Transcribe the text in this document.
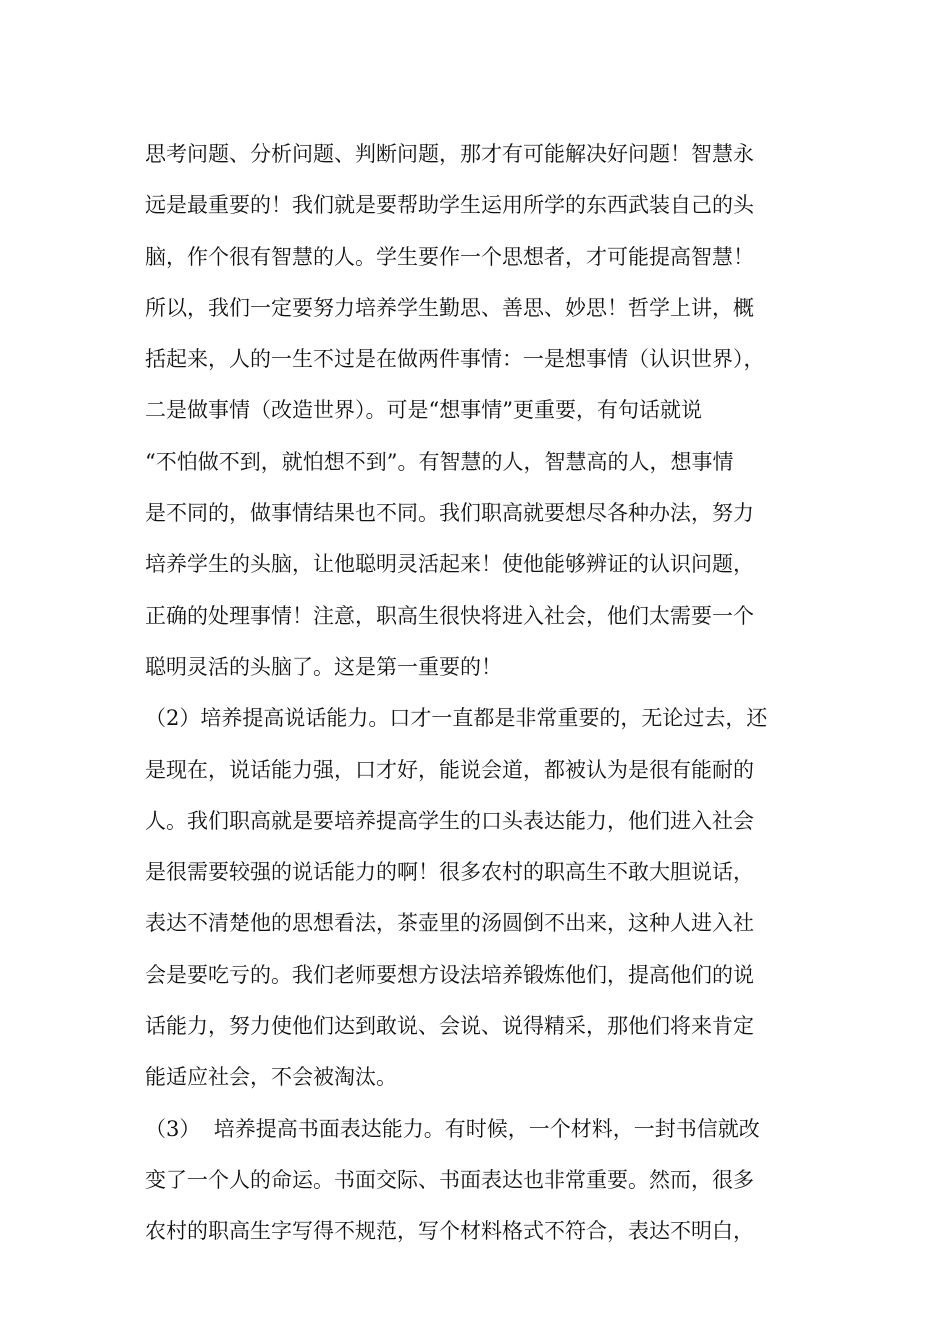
思考问题、分析问题、判断问题，那才有可能解决好问题！智慧永
远是最重要的！我们就是要帮助学生运用所学的东西武装自己的头
脑，作个很有智慧的人。学生要作一个思想者，才可能提高智慧！
所以，我们一定要努力培养学生勤思、善思、妙思！哲学上讲，概
括起来，人的一生不过是在做两件事情：一是想事情（认识世界），
二是做事情（改造世界）。可是“想事情”更重要，有句话就说
“不怕做不到，就怕想不到”。有智慧的人，智慧高的人，想事情
是不同的，做事情结果也不同。我们职高就要想尽各种办法，努力
培养学生的头脑，让他聪明灵活起来！使他能够辨证的认识问题，
正确的处理事情！注意，职高生很快将进入社会，他们太需要一个
聪明灵活的头脑了。这是第一重要的！
（2）培养提高说话能力。口才一直都是非常重要的，无论过去，还
是现在，说话能力强，口才好，能说会道，都被认为是很有能耐的
人。我们职高就是要培养提高学生的口头表达能力，他们进入社会
是很需要较强的说话能力的啊！很多农村的职高生不敢大胆说话，
表达不清楚他的思想看法，茶壶里的汤圆倒不出来，这种人进入社
会是要吃亏的。我们老师要想方设法培养锻炼他们，提高他们的说
话能力，努力使他们达到敢说、会说、说得精采，那他们将来肯定
能适应社会，不会被淘汰。
（3）  培养提高书面表达能力。有时候，一个材料，一封书信就改
变了一个人的命运。书面交际、书面表达也非常重要。然而，很多
农村的职高生字写得不规范，写个材料格式不符合，表达不明白，
